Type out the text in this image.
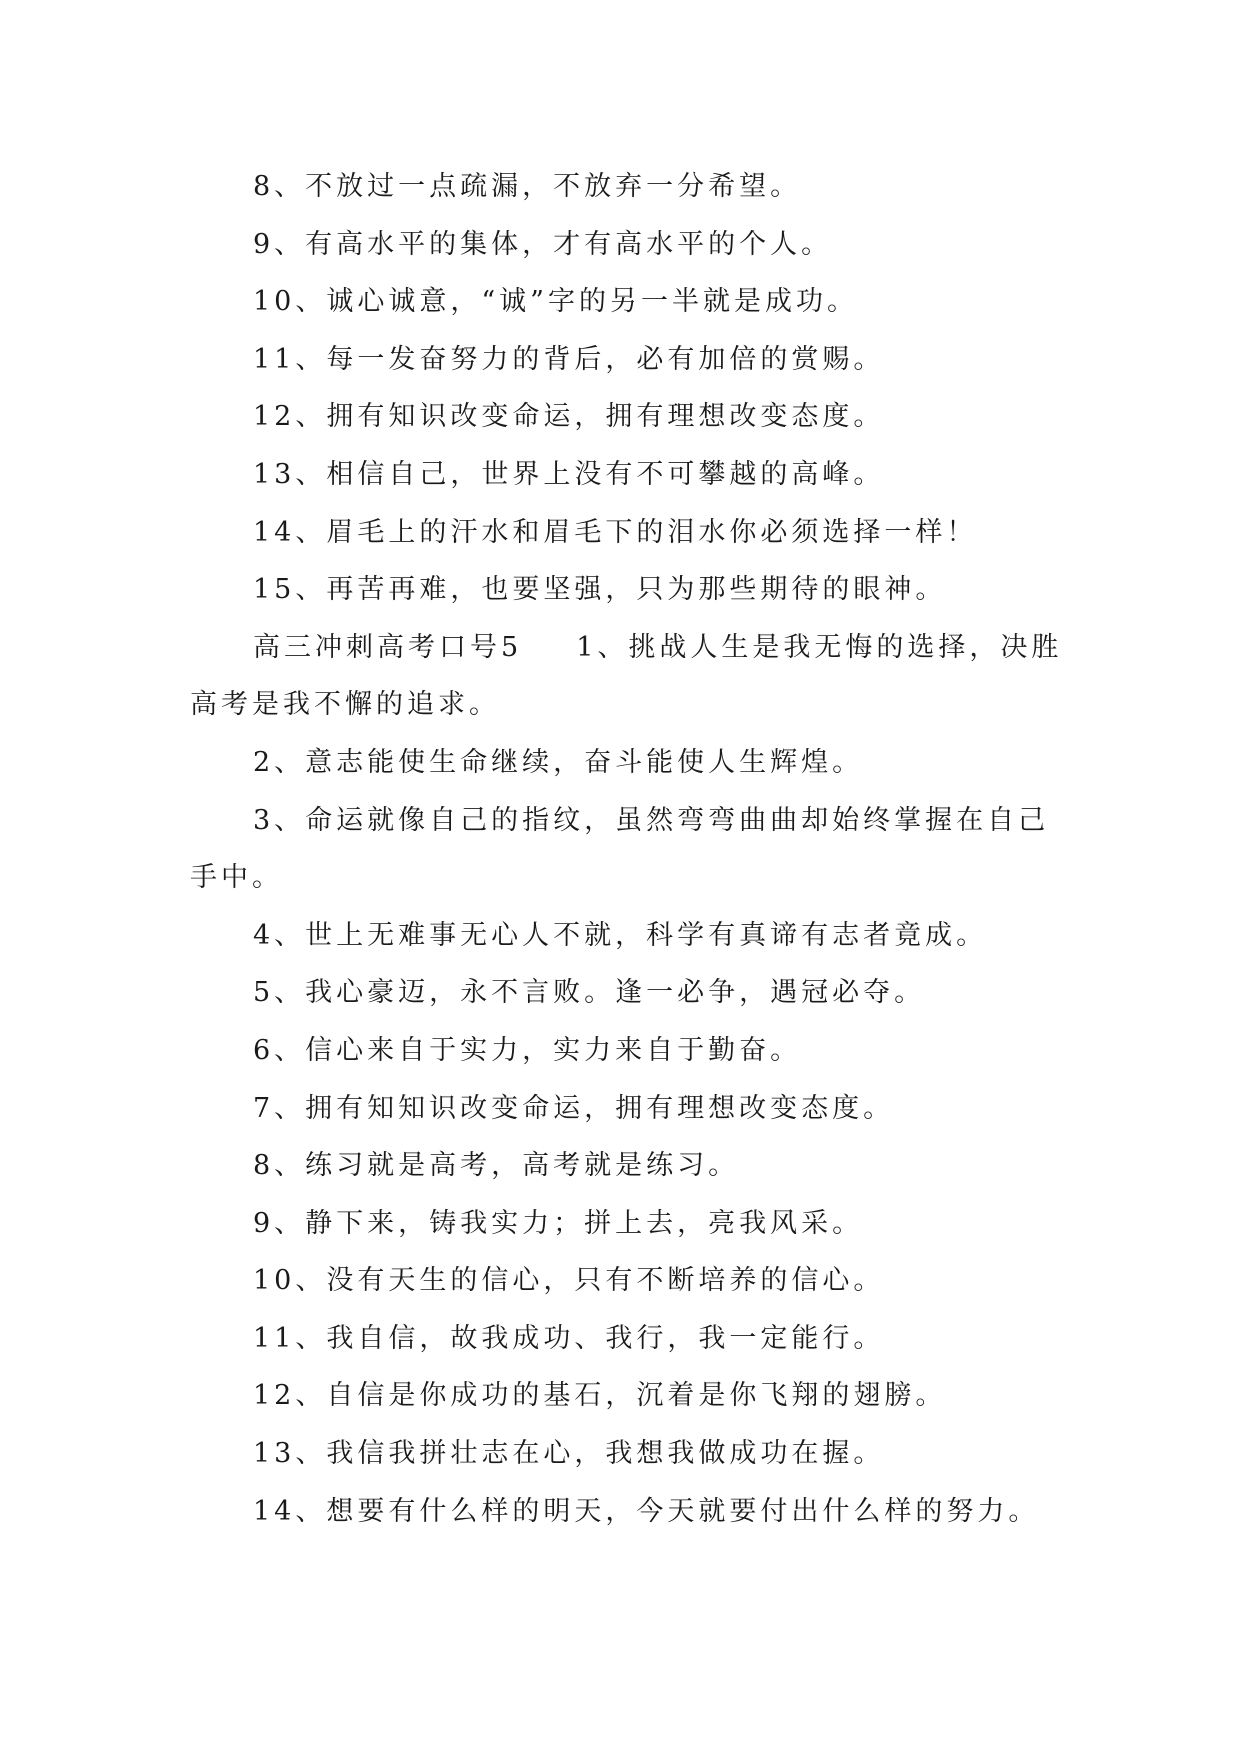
8、不放过一点疏漏，不放弃一分希望。

9、有高水平的集体，才有高水平的个人。

10、诚心诚意，“诚”字的另一半就是成功。

11、每一发奋努力的背后，必有加倍的赏赐。

12、拥有知识改变命运，拥有理想改变态度。

13、相信自己，世界上没有不可攀越的高峰。

14、眉毛上的汗水和眉毛下的泪水你必须选择一样！

15、再苦再难，也要坚强，只为那些期待的眼神。

高三冲刺高考口号5 1、挑战人生是我无悔的选择，决胜高考是我不懈的追求。

2、意志能使生命继续，奋斗能使人生辉煌。

3、命运就像自己的指纹，虽然弯弯曲曲却始终掌握在自己手中。

4、世上无难事无心人不就，科学有真谛有志者竟成。

5、我心豪迈，永不言败。逢一必争，遇冠必夺。

6、信心来自于实力，实力来自于勤奋。

7、拥有知知识改变命运，拥有理想改变态度。

8、练习就是高考，高考就是练习。

9、静下来，铸我实力；拼上去，亮我风采。

10、没有天生的信心，只有不断培养的信心。

11、我自信，故我成功、我行，我一定能行。

12、自信是你成功的基石，沉着是你飞翔的翅膀。

13、我信我拼壮志在心，我想我做成功在握。

14、想要有什么样的明天，今天就要付出什么样的努力。
